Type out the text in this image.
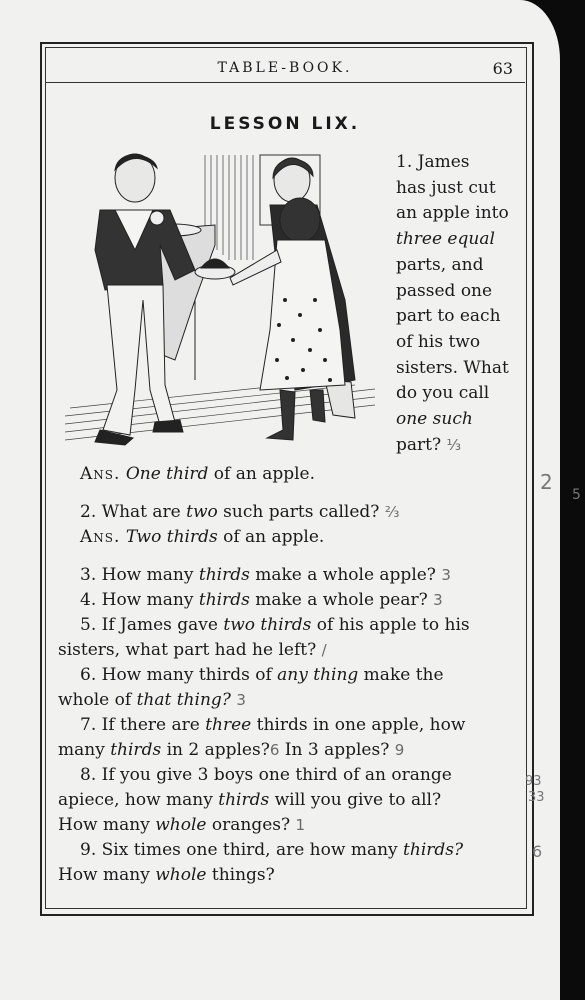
TABLE-BOOK.	63
LESSON LIX.

1. James

has just cut

an apple into

three equal

parts, and

passed one

part to each

of his two

sisters. What

do you call

one such

part? ⅓

Ans. One third of an apple.
2. What are two such parts called? ⅔
Ans. Two thirds of an apple.
3. How many thirds make a whole apple? 3
4. How many thirds make a whole pear? 3
5. If James gave two thirds of his apple to his
sisters, what part had he left? /
6. How many thirds of any thing make the
whole of that thing? 3
7. If there are three thirds in one apple, how
many thirds in 2 apples?6 In 3 apples? 9
8. If you give 3 boys one third of an orange
apiece, how many thirds will you give to all?
How many whole oranges? 1
9. Six times one third, are how many thirds?
How many whole things?
2
5
93
33
6
